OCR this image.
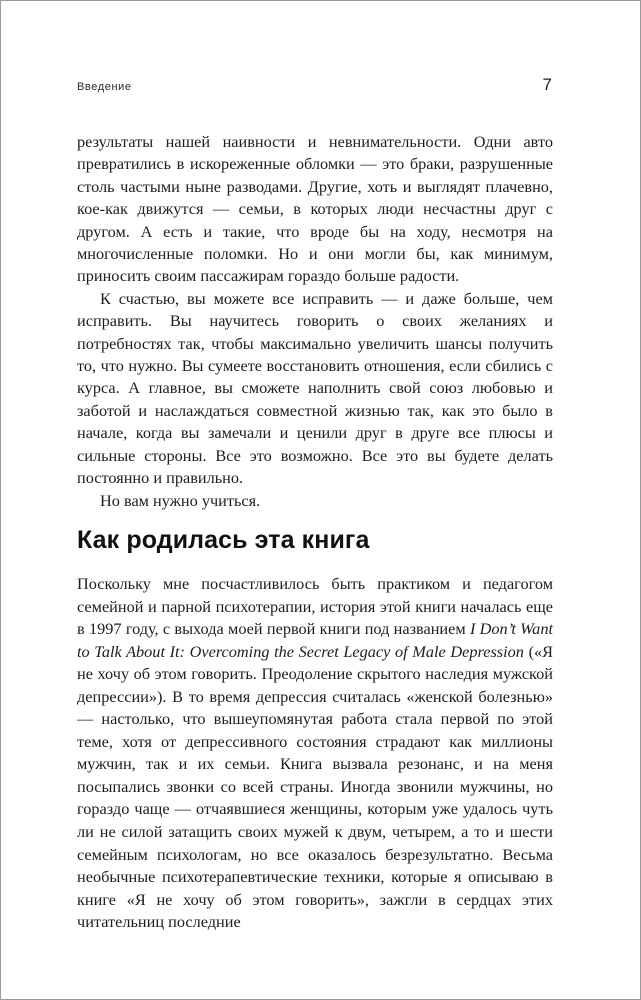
Введение	7

результаты нашей наивности и невнимательности. Одни авто превратились в искореженные обломки — это браки, разрушенные столь частыми ныне разводами. Другие, хоть и выглядят плачевно, кое-как движутся — семьи, в которых люди несчастны друг с другом. А есть и такие, что вроде бы на ходу, несмотря на многочисленные поломки. Но и они могли бы, как минимум, приносить своим пассажирам гораздо больше радости.

К счастью, вы можете все исправить — и даже больше, чем исправить. Вы научитесь говорить о своих желаниях и потребностях так, чтобы максимально увеличить шансы получить то, что нужно. Вы сумеете восстановить отношения, если сбились с курса. А главное, вы сможете наполнить свой союз любовью и заботой и наслаждаться совместной жизнью так, как это было в начале, когда вы замечали и ценили друг в друге все плюсы и сильные стороны. Все это возможно. Все это вы будете делать постоянно и правильно.

Но вам нужно учиться.

Как родилась эта книга

Поскольку мне посчастливилось быть практиком и педагогом семейной и парной психотерапии, история этой книги началась еще в 1997 году, с выхода моей первой книги под названием I Don’t Want to Talk About It: Overcoming the Secret Legacy of Male Depression («Я не хочу об этом говорить. Преодоление скрытого наследия мужской депрессии»). В то время депрессия считалась «женской болезнью» — настолько, что вышеупомянутая работа стала первой по этой теме, хотя от депрессивного состояния страдают как миллионы мужчин, так и их семьи. Книга вызвала резонанс, и на меня посыпались звонки со всей страны. Иногда звонили мужчины, но гораздо чаще — отчаявшиеся женщины, которым уже удалось чуть ли не силой затащить своих мужей к двум, четырем, а то и шести семейным психологам, но все оказалось безрезультатно. Весьма необычные психотерапевтические техники, которые я описываю в книге «Я не хочу об этом говорить», зажгли в сердцах этих читательниц последние
